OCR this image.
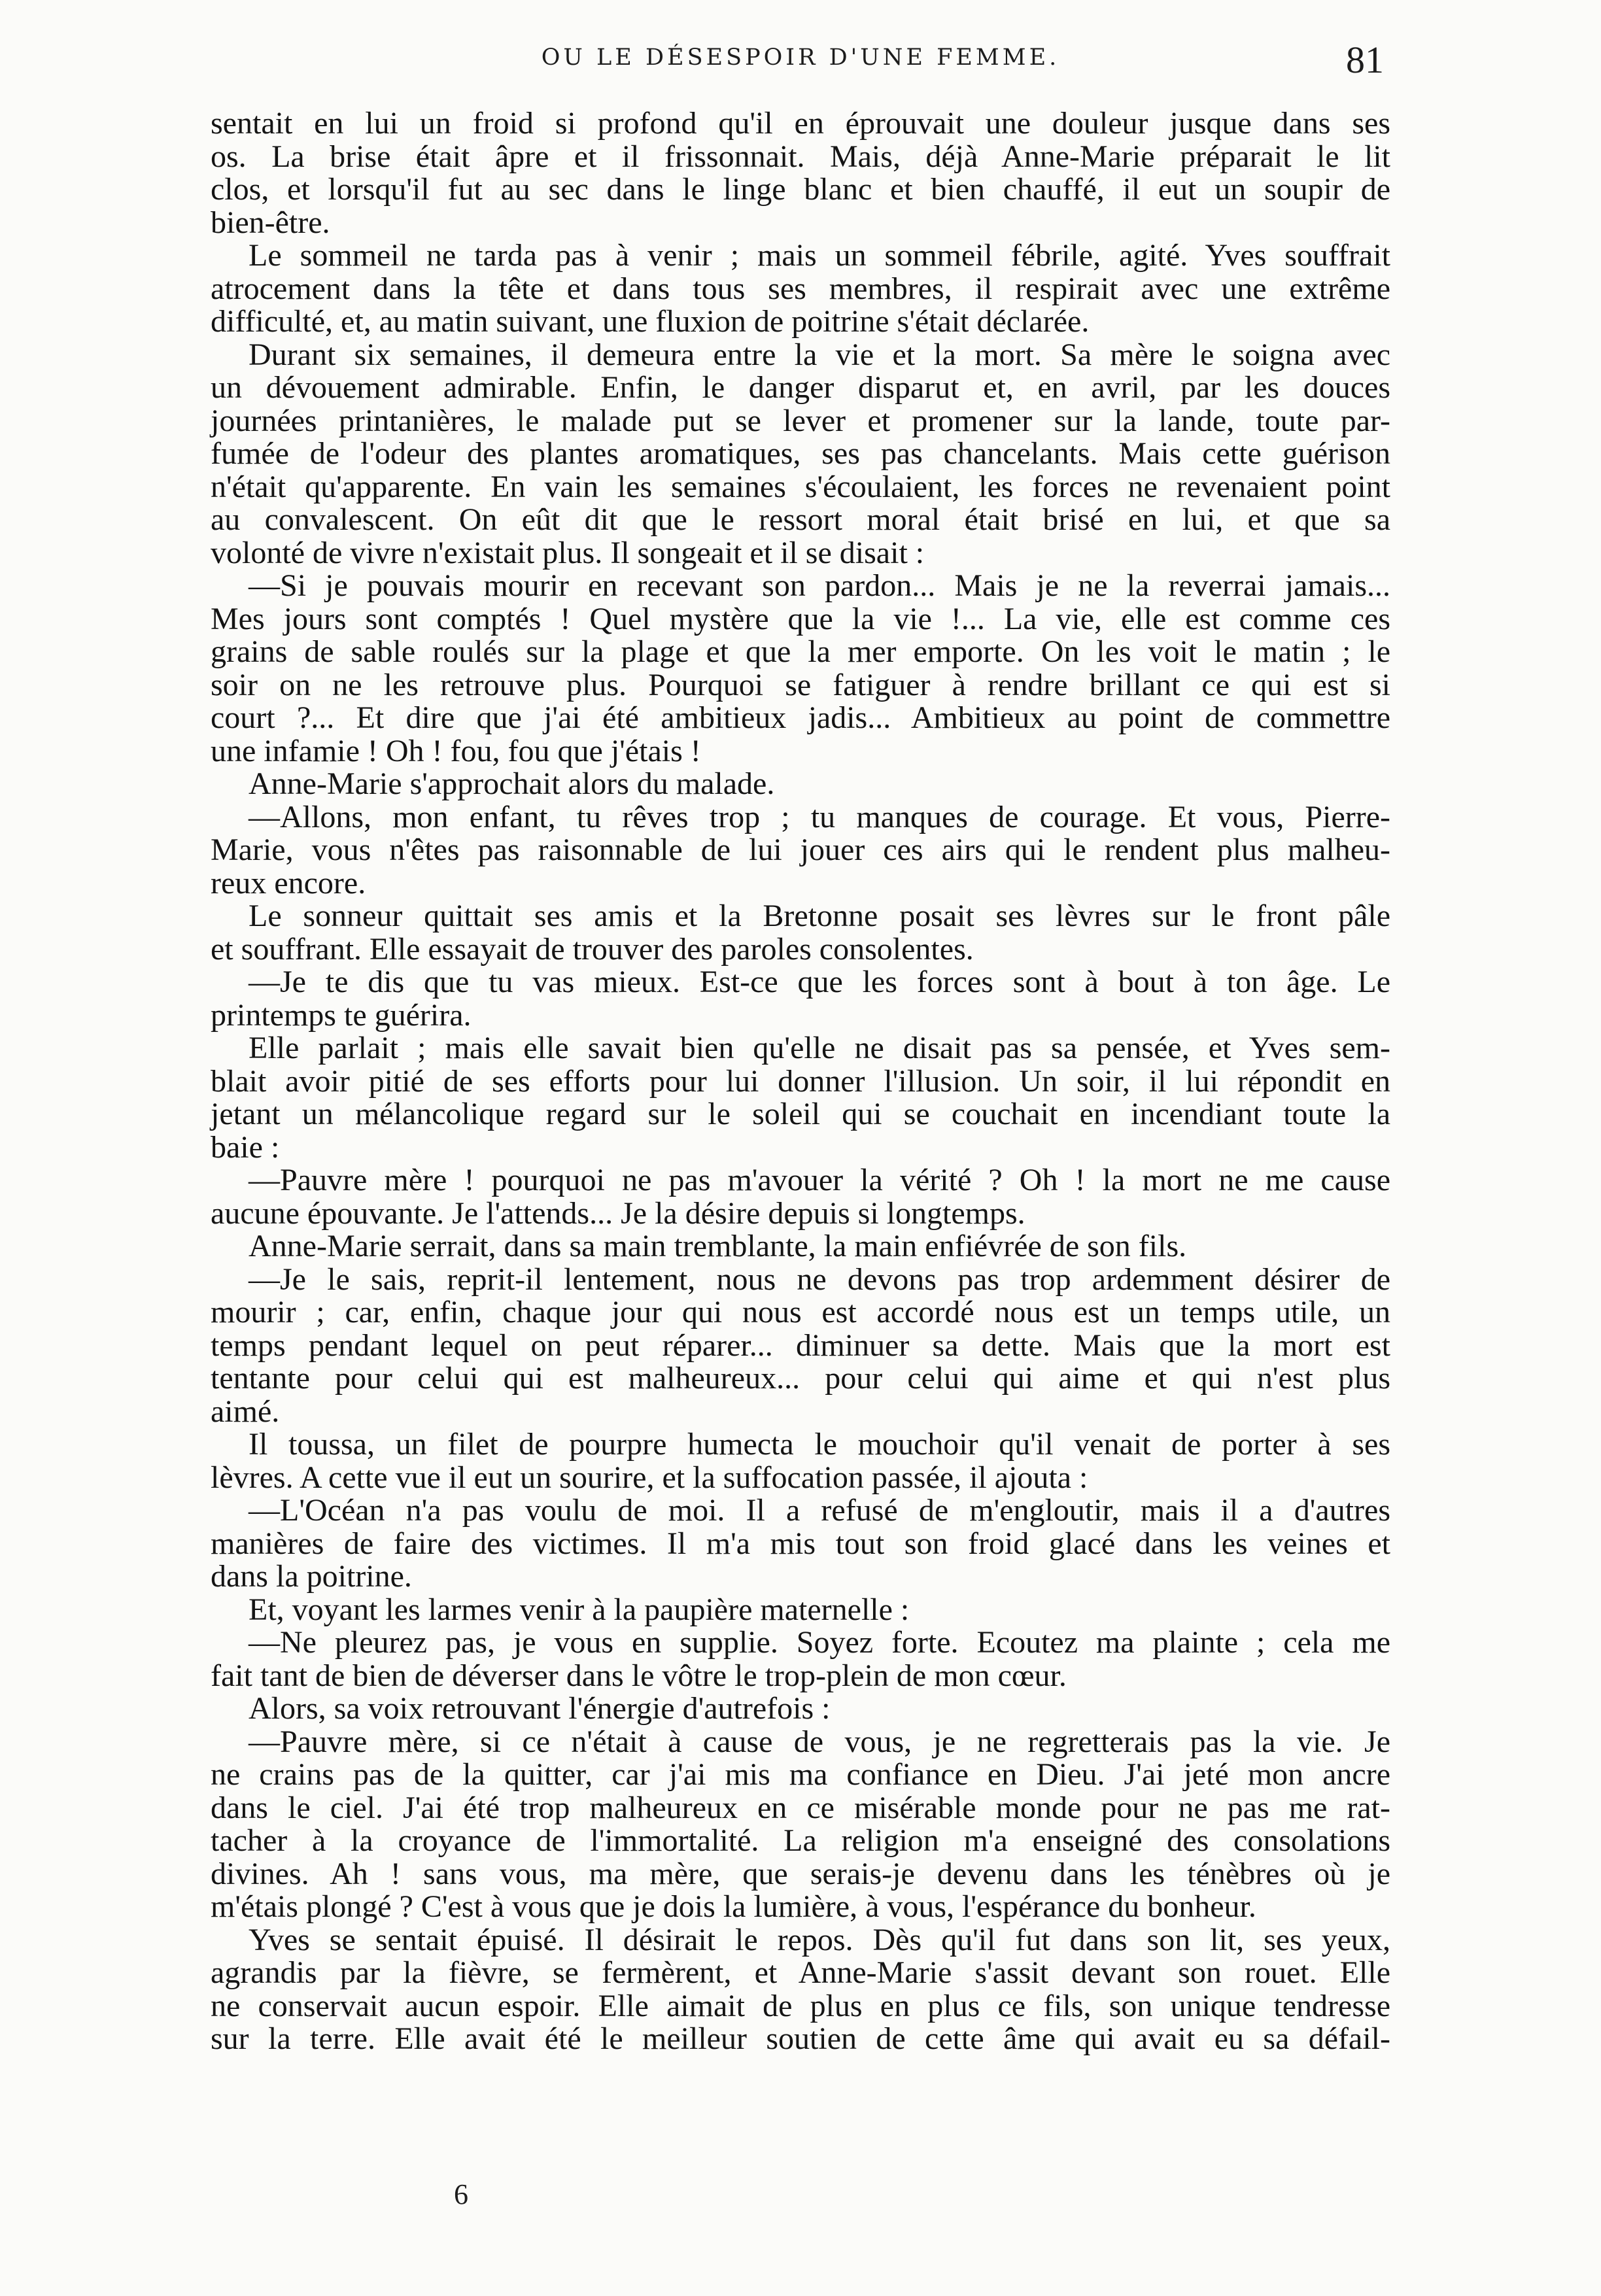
OU LE DÉSESPOIR D'UNE FEMME.	81

sentait en lui un froid si profond qu'il en éprouvait une douleur jusque dans ses

os. La brise était âpre et il frissonnait. Mais, déjà Anne-Marie préparait le lit

clos, et lorsqu'il fut au sec dans le linge blanc et bien chauffé, il eut un soupir de

bien-être.

Le sommeil ne tarda pas à venir ; mais un sommeil fébrile, agité. Yves souffrait

atrocement dans la tête et dans tous ses membres, il respirait avec une extrême

difficulté, et, au matin suivant, une fluxion de poitrine s'était déclarée.

Durant six semaines, il demeura entre la vie et la mort. Sa mère le soigna avec

un dévouement admirable. Enfin, le danger disparut et, en avril, par les douces

journées printanières, le malade put se lever et promener sur la lande, toute par-

fumée de l'odeur des plantes aromatiques, ses pas chancelants. Mais cette guérison

n'était qu'apparente. En vain les semaines s'écoulaient, les forces ne revenaient point

au convalescent. On eût dit que le ressort moral était brisé en lui, et que sa

volonté de vivre n'existait plus. Il songeait et il se disait :

—Si je pouvais mourir en recevant son pardon... Mais je ne la reverrai jamais...

Mes jours sont comptés ! Quel mystère que la vie !... La vie, elle est comme ces

grains de sable roulés sur la plage et que la mer emporte. On les voit le matin ; le

soir on ne les retrouve plus. Pourquoi se fatiguer à rendre brillant ce qui est si

court ?... Et dire que j'ai été ambitieux jadis... Ambitieux au point de commettre

une infamie ! Oh ! fou, fou que j'étais !

Anne-Marie s'approchait alors du malade.

—Allons, mon enfant, tu rêves trop ; tu manques de courage. Et vous, Pierre-

Marie, vous n'êtes pas raisonnable de lui jouer ces airs qui le rendent plus malheu-

reux encore.

Le sonneur quittait ses amis et la Bretonne posait ses lèvres sur le front pâle

et souffrant. Elle essayait de trouver des paroles consolentes.

—Je te dis que tu vas mieux. Est-ce que les forces sont à bout à ton âge. Le

printemps te guérira.

Elle parlait ; mais elle savait bien qu'elle ne disait pas sa pensée, et Yves sem-

blait avoir pitié de ses efforts pour lui donner l'illusion. Un soir, il lui répondit en

jetant un mélancolique regard sur le soleil qui se couchait en incendiant toute la

baie :

—Pauvre mère ! pourquoi ne pas m'avouer la vérité ? Oh ! la mort ne me cause

aucune épouvante. Je l'attends... Je la désire depuis si longtemps.

Anne-Marie serrait, dans sa main tremblante, la main enfiévrée de son fils.

—Je le sais, reprit-il lentement, nous ne devons pas trop ardemment désirer de

mourir ; car, enfin, chaque jour qui nous est accordé nous est un temps utile, un

temps pendant lequel on peut réparer... diminuer sa dette. Mais que la mort est

tentante pour celui qui est malheureux... pour celui qui aime et qui n'est plus

aimé.

Il toussa, un filet de pourpre humecta le mouchoir qu'il venait de porter à ses

lèvres. A cette vue il eut un sourire, et la suffocation passée, il ajouta :

—L'Océan n'a pas voulu de moi. Il a refusé de m'engloutir, mais il a d'autres

manières de faire des victimes. Il m'a mis tout son froid glacé dans les veines et

dans la poitrine.

Et, voyant les larmes venir à la paupière maternelle :

—Ne pleurez pas, je vous en supplie. Soyez forte. Ecoutez ma plainte ; cela me

fait tant de bien de déverser dans le vôtre le trop-plein de mon cœur.

Alors, sa voix retrouvant l'énergie d'autrefois :

—Pauvre mère, si ce n'était à cause de vous, je ne regretterais pas la vie. Je

ne crains pas de la quitter, car j'ai mis ma confiance en Dieu. J'ai jeté mon ancre

dans le ciel. J'ai été trop malheureux en ce misérable monde pour ne pas me rat-

tacher à la croyance de l'immortalité. La religion m'a enseigné des consolations

divines. Ah ! sans vous, ma mère, que serais-je devenu dans les ténèbres où je

m'étais plongé ? C'est à vous que je dois la lumière, à vous, l'espérance du bonheur.

Yves se sentait épuisé. Il désirait le repos. Dès qu'il fut dans son lit, ses yeux,

agrandis par la fièvre, se fermèrent, et Anne-Marie s'assit devant son rouet. Elle

ne conservait aucun espoir. Elle aimait de plus en plus ce fils, son unique tendresse

sur la terre. Elle avait été le meilleur soutien de cette âme qui avait eu sa défail-

6
